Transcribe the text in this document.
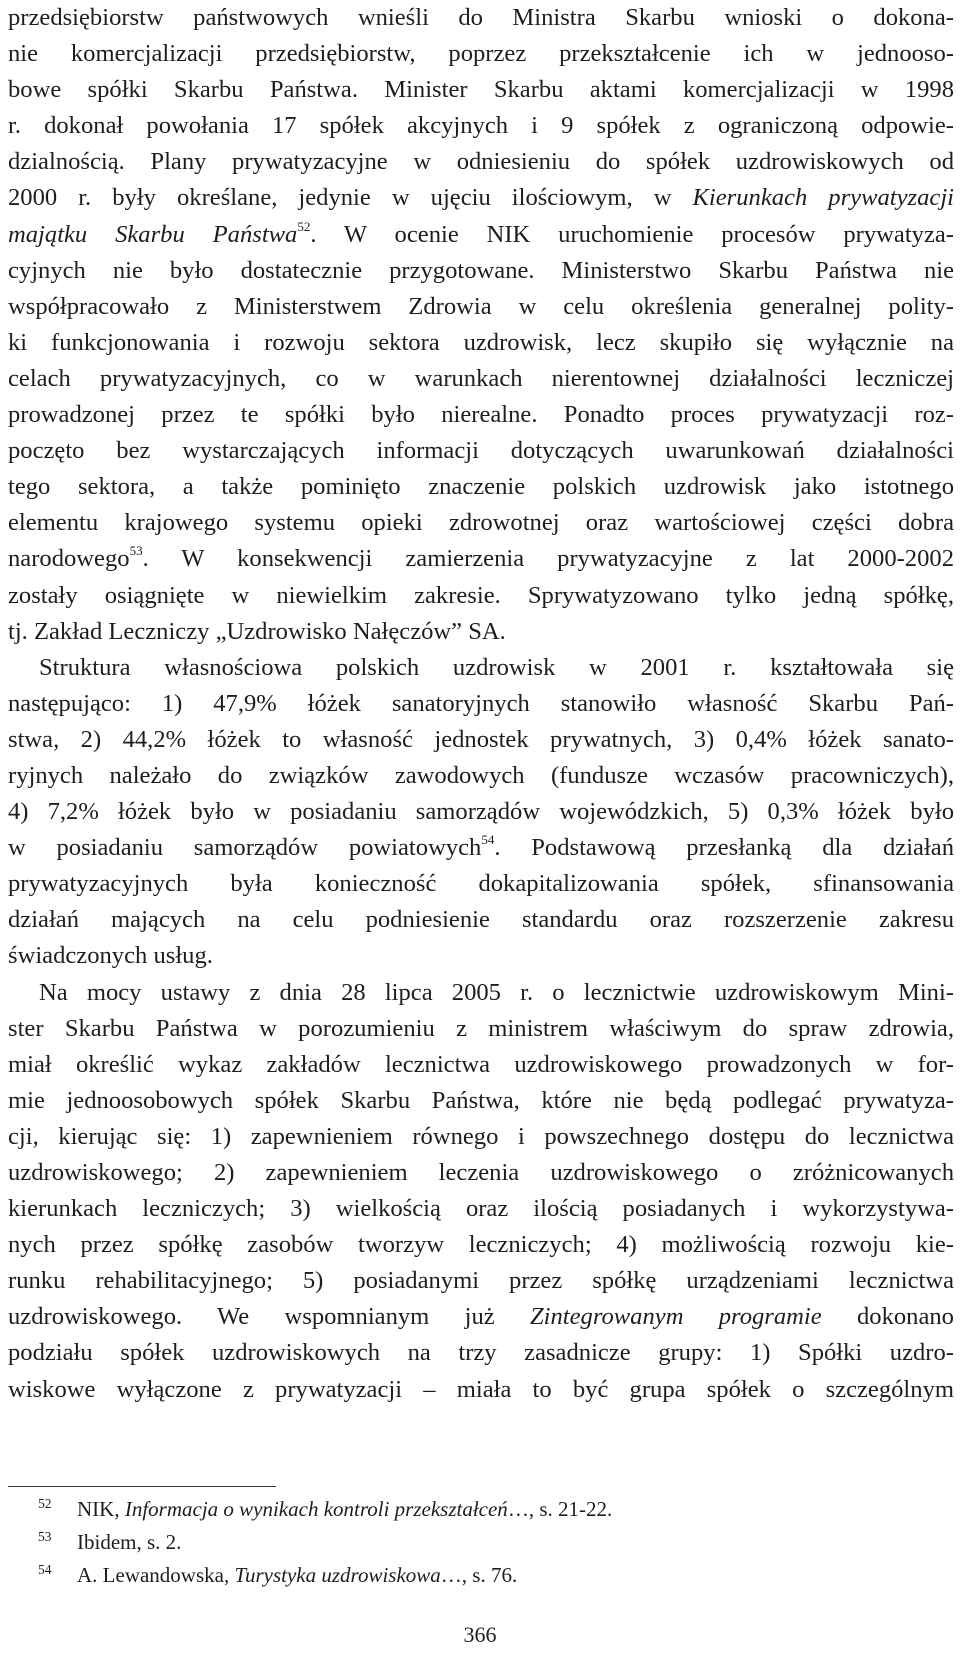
przedsiębiorstw państwowych wnieśli do Ministra Skarbu wnioski o dokona-
nie komercjalizacji przedsiębiorstw, poprzez przekształcenie ich w jednooso-
bowe spółki Skarbu Państwa. Minister Skarbu aktami komercjalizacji w 1998
r. dokonał powołania 17 spółek akcyjnych i 9 spółek z ograniczoną odpowie-
dzialnością. Plany prywatyzacyjne w odniesieniu do spółek uzdrowiskowych od
2000 r. były określane, jedynie w ujęciu ilościowym, w Kierunkach prywatyzacji
majątku Skarbu Państwa$^{52}$. W ocenie NIK uruchomienie procesów prywatyza-
cyjnych nie było dostatecznie przygotowane. Ministerstwo Skarbu Państwa nie
współpracowało z Ministerstwem Zdrowia w celu określenia generalnej polity-
ki funkcjonowania i rozwoju sektora uzdrowisk, lecz skupiło się wyłącznie na
celach prywatyzacyjnych, co w warunkach nierentownej działalności leczniczej
prowadzonej przez te spółki było nierealne. Ponadto proces prywatyzacji roz-
poczęto bez wystarczających informacji dotyczących uwarunkowań działalności
tego sektora, a także pominięto znaczenie polskich uzdrowisk jako istotnego
elementu krajowego systemu opieki zdrowotnej oraz wartościowej części dobra
narodowego$^{53}$. W konsekwencji zamierzenia prywatyzacyjne z lat 2000-2002
zostały osiągnięte w niewielkim zakresie. Sprywatyzowano tylko jedną spółkę,
tj. Zakład Leczniczy „Uzdrowisko Nałęczów” SA.
Struktura własnościowa polskich uzdrowisk w 2001 r. kształtowała się
następująco: 1) 47,9% łóżek sanatoryjnych stanowiło własność Skarbu Pań-
stwa, 2) 44,2% łóżek to własność jednostek prywatnych, 3) 0,4% łóżek sanato-
ryjnych należało do związków zawodowych (fundusze wczasów pracowniczych),
4) 7,2% łóżek było w posiadaniu samorządów wojewódzkich, 5) 0,3% łóżek było
w posiadaniu samorządów powiatowych$^{54}$. Podstawową przesłanką dla działań
prywatyzacyjnych była konieczność dokapitalizowania spółek, sfinansowania
działań mających na celu podniesienie standardu oraz rozszerzenie zakresu
świadczonych usług.
Na mocy ustawy z dnia 28 lipca 2005 r. o lecznictwie uzdrowiskowym Mini-
ster Skarbu Państwa w porozumieniu z ministrem właściwym do spraw zdrowia,
miał określić wykaz zakładów lecznictwa uzdrowiskowego prowadzonych w for-
mie jednoosobowych spółek Skarbu Państwa, które nie będą podlegać prywatyza-
cji, kierując się: 1) zapewnieniem równego i powszechnego dostępu do lecznictwa
uzdrowiskowego; 2) zapewnieniem leczenia uzdrowiskowego o zróżnicowanych
kierunkach leczniczych; 3) wielkością oraz ilością posiadanych i wykorzystywa-
nych przez spółkę zasobów tworzyw leczniczych; 4) możliwością rozwoju kie-
runku rehabilitacyjnego; 5) posiadanymi przez spółkę urządzeniami lecznictwa
uzdrowiskowego. We wspomnianym już Zintegrowanym programie dokonano
podziału spółek uzdrowiskowych na trzy zasadnicze grupy: 1) Spółki uzdro-
wiskowe wyłączone z prywatyzacji – miała to być grupa spółek o szczególnym
52 NIK, Informacja o wynikach kontroli przekształceń…, s. 21-22.
53 Ibidem, s. 2.
54 A. Lewandowska, Turystyka uzdrowiskowa…, s. 76.
366
